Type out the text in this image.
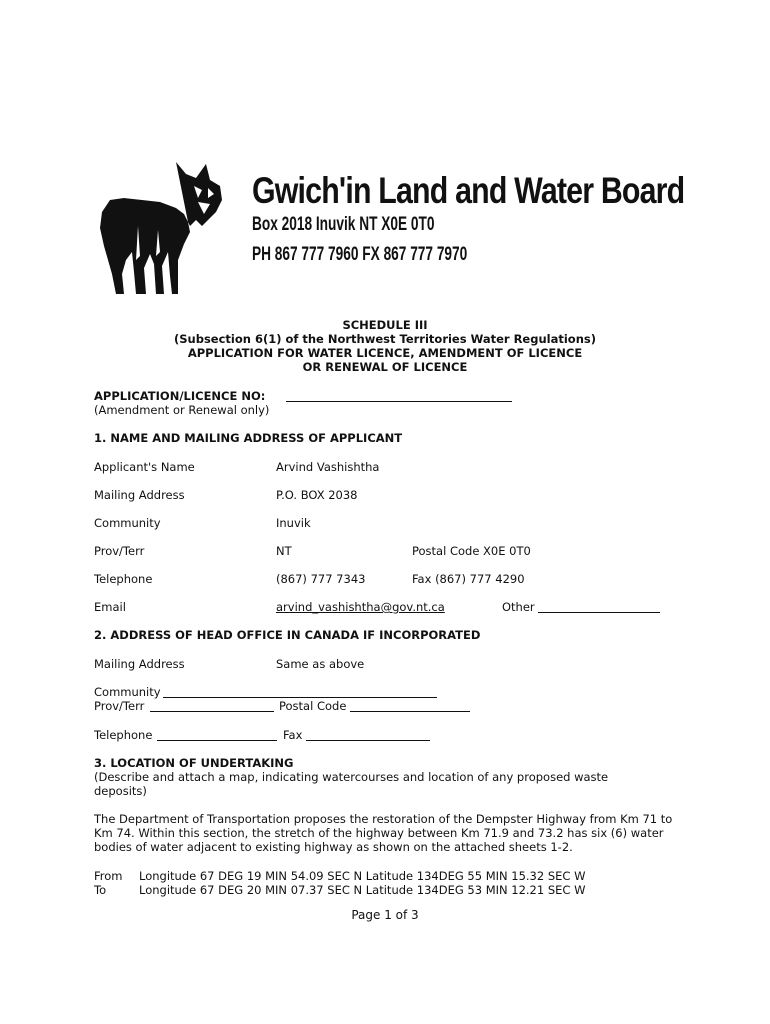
Gwich'in Land and Water Board
Box 2018 Inuvik NT X0E 0T0
PH 867 777 7960 FX 867 777 7970
SCHEDULE III
(Subsection 6(1) of the Northwest Territories Water Regulations)
APPLICATION FOR WATER LICENCE, AMENDMENT OF LICENCE
OR RENEWAL OF LICENCE
APPLICATION/LICENCE NO:
(Amendment or Renewal only)
1. NAME AND MAILING ADDRESS OF APPLICANT
Applicant's Name	Arvind Vashishtha
Mailing Address	P.O. BOX 2038
Community	Inuvik
Prov/Terr	NT	Postal Code X0E 0T0
Telephone	(867) 777 7343	Fax (867) 777 4290
Email	arvind_vashishtha@gov.nt.ca	Other
2. ADDRESS OF HEAD OFFICE IN CANADA IF INCORPORATED
Mailing Address	Same as above
Community
Prov/Terr	Postal Code
Telephone	Fax
3. LOCATION OF UNDERTAKING
(Describe and attach a map, indicating watercourses and location of any proposed waste
deposits)
The Department of Transportation proposes the restoration of the Dempster Highway from Km 71 to
Km 74. Within this section, the stretch of the highway between Km 71.9 and 73.2 has six (6) water
bodies of water adjacent to existing highway as shown on the attached sheets 1-2.
From Longitude 67 DEG 19 MIN 54.09 SEC N Latitude 134DEG 55 MIN 15.32 SEC W
To	Longitude 67 DEG 20 MIN 07.37 SEC N Latitude 134DEG 53 MIN 12.21 SEC W
Page 1 of 3
